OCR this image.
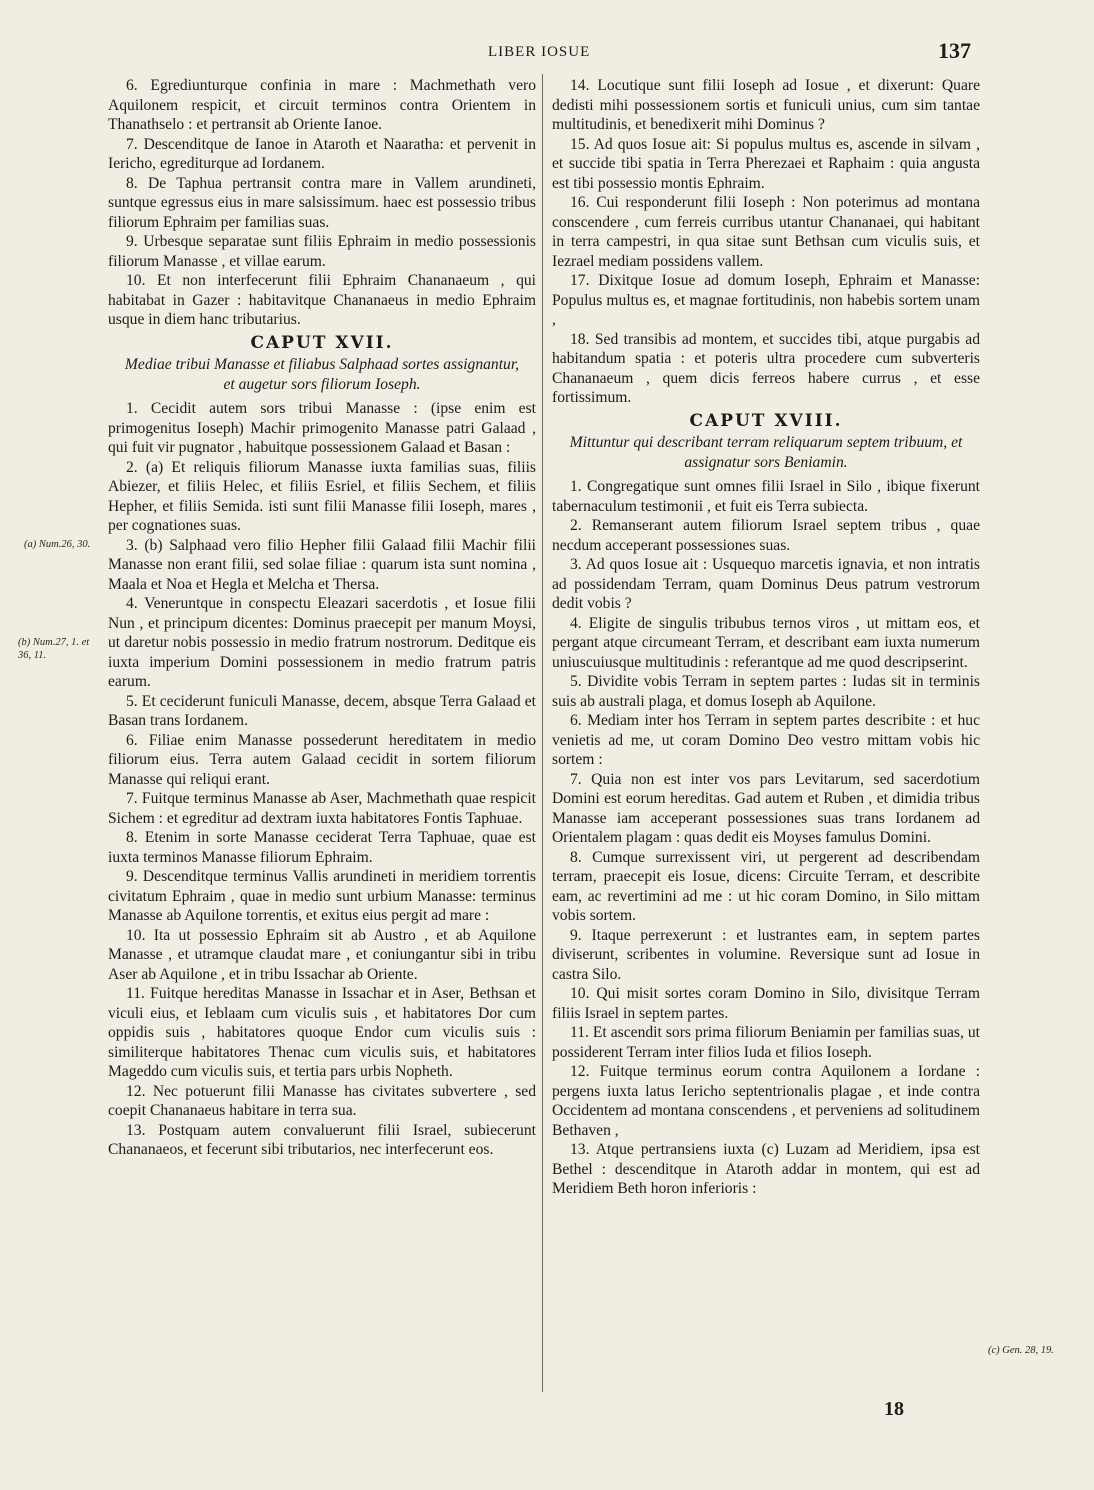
LIBER IOSUE	137

6. Egrediunturque confinia in mare : Machmethath vero Aquilonem respicit, et circuit terminos contra Orientem in Thanathselo : et pertransit ab Oriente Ianoe.

7. Descenditque de Ianoe in Ataroth et Naaratha: et pervenit in Iericho, egrediturque ad Iordanem.

8. De Taphua pertransit contra mare in Vallem arundineti, suntque egressus eius in mare salsissimum. haec est possessio tribus filiorum Ephraim per familias suas.

9. Urbesque separatae sunt filiis Ephraim in medio possessionis filiorum Manasse , et villae earum.

10. Et non interfecerunt filii Ephraim Chananaeum , qui habitabat in Gazer : habitavitque Chananaeus in medio Ephraim usque in diem hanc tributarius.

CAPUT XVII.

Mediae tribui Manasse et filiabus Salphaad sortes assignantur, et augetur sors filiorum Ioseph.

1. Cecidit autem sors tribui Manasse : (ipse enim est primogenitus Ioseph) Machir primogenito Manasse patri Galaad , qui fuit vir pugnator , habuitque possessionem Galaad et Basan :

2. (a) Et reliquis filiorum Manasse iuxta familias suas, filiis Abiezer, et filiis Helec, et filiis Esriel, et filiis Sechem, et filiis Hepher, et filiis Semida. isti sunt filii Manasse filii Ioseph, mares , per cognationes suas.

3. (b) Salphaad vero filio Hepher filii Galaad filii Machir filii Manasse non erant filii, sed solae filiae : quarum ista sunt nomina , Maala et Noa et Hegla et Melcha et Thersa.

4. Veneruntque in conspectu Eleazari sacerdotis , et Iosue filii Nun , et principum dicentes: Dominus praecepit per manum Moysi, ut daretur nobis possessio in medio fratrum nostrorum. Deditque eis iuxta imperium Domini possessionem in medio fratrum patris earum.

5. Et ceciderunt funiculi Manasse, decem, absque Terra Galaad et Basan trans Iordanem.

6. Filiae enim Manasse possederunt hereditatem in medio filiorum eius. Terra autem Galaad cecidit in sortem filiorum Manasse qui reliqui erant.

7. Fuitque terminus Manasse ab Aser, Machmethath quae respicit Sichem : et egreditur ad dextram iuxta habitatores Fontis Taphuae.

8. Etenim in sorte Manasse ceciderat Terra Taphuae, quae est iuxta terminos Manasse filiorum Ephraim.

9. Descenditque terminus Vallis arundineti in meridiem torrentis civitatum Ephraim , quae in medio sunt urbium Manasse: terminus Manasse ab Aquilone torrentis, et exitus eius pergit ad mare :

10. Ita ut possessio Ephraim sit ab Austro , et ab Aquilone Manasse , et utramque claudat mare , et coniungantur sibi in tribu Aser ab Aquilone , et in tribu Issachar ab Oriente.

11. Fuitque hereditas Manasse in Issachar et in Aser, Bethsan et viculi eius, et Ieblaam cum viculis suis , et habitatores Dor cum oppidis suis , habitatores quoque Endor cum viculis suis : similiterque habitatores Thenac cum viculis suis, et habitatores Mageddo cum viculis suis, et tertia pars urbis Nopheth.

12. Nec potuerunt filii Manasse has civitates subvertere , sed coepit Chananaeus habitare in terra sua.

13. Postquam autem convaluerunt filii Israel, subiecerunt Chananaeos, et fecerunt sibi tributarios, nec interfecerunt eos.

14. Locutique sunt filii Ioseph ad Iosue , et dixerunt: Quare dedisti mihi possessionem sortis et funiculi unius, cum sim tantae multitudinis, et benedixerit mihi Dominus ?

15. Ad quos Iosue ait: Si populus multus es, ascende in silvam , et succide tibi spatia in Terra Pherezaei et Raphaim : quia angusta est tibi possessio montis Ephraim.

16. Cui responderunt filii Ioseph : Non poterimus ad montana conscendere , cum ferreis curribus utantur Chananaei, qui habitant in terra campestri, in qua sitae sunt Bethsan cum viculis suis, et Iezrael mediam possidens vallem.

17. Dixitque Iosue ad domum Ioseph, Ephraim et Manasse: Populus multus es, et magnae fortitudinis, non habebis sortem unam ,

18. Sed transibis ad montem, et succides tibi, atque purgabis ad habitandum spatia : et poteris ultra procedere cum subverteris Chananaeum , quem dicis ferreos habere currus , et esse fortissimum.

CAPUT XVIII.

Mittuntur qui describant terram reliquarum septem tribuum, et assignatur sors Beniamin.

1. Congregatique sunt omnes filii Israel in Silo , ibique fixerunt tabernaculum testimonii , et fuit eis Terra subiecta.

2. Remanserant autem filiorum Israel septem tribus , quae necdum acceperant possessiones suas.

3. Ad quos Iosue ait : Usquequo marcetis ignavia, et non intratis ad possidendam Terram, quam Dominus Deus patrum vestrorum dedit vobis ?

4. Eligite de singulis tribubus ternos viros , ut mittam eos, et pergant atque circumeant Terram, et describant eam iuxta numerum uniuscuiusque multitudinis : referantque ad me quod descripserint.

5. Dividite vobis Terram in septem partes : Iudas sit in terminis suis ab australi plaga, et domus Ioseph ab Aquilone.

6. Mediam inter hos Terram in septem partes describite : et huc venietis ad me, ut coram Domino Deo vestro mittam vobis hic sortem :

7. Quia non est inter vos pars Levitarum, sed sacerdotium Domini est eorum hereditas. Gad autem et Ruben , et dimidia tribus Manasse iam acceperant possessiones suas trans Iordanem ad Orientalem plagam : quas dedit eis Moyses famulus Domini.

8. Cumque surrexissent viri, ut pergerent ad describendam terram, praecepit eis Iosue, dicens: Circuite Terram, et describite eam, ac revertimini ad me : ut hic coram Domino, in Silo mittam vobis sortem.

9. Itaque perrexerunt : et lustrantes eam, in septem partes diviserunt, scribentes in volumine. Reversique sunt ad Iosue in castra Silo.

10. Qui misit sortes coram Domino in Silo, divisitque Terram filiis Israel in septem partes.

11. Et ascendit sors prima filiorum Beniamin per familias suas, ut possiderent Terram inter filios Iuda et filios Ioseph.

12. Fuitque terminus eorum contra Aquilonem a Iordane : pergens iuxta latus Iericho septentrionalis plagae , et inde contra Occidentem ad montana conscendens , et perveniens ad solitudinem Bethaven ,

13. Atque pertransiens iuxta (c) Luzam ad Meridiem, ipsa est Bethel : descenditque in Ataroth addar in montem, qui est ad Meridiem Beth horon inferioris :

(a) Num.26, 30.
(b) Num.27, 1. et 36, 11.
(c) Gen. 28, 19.
18
